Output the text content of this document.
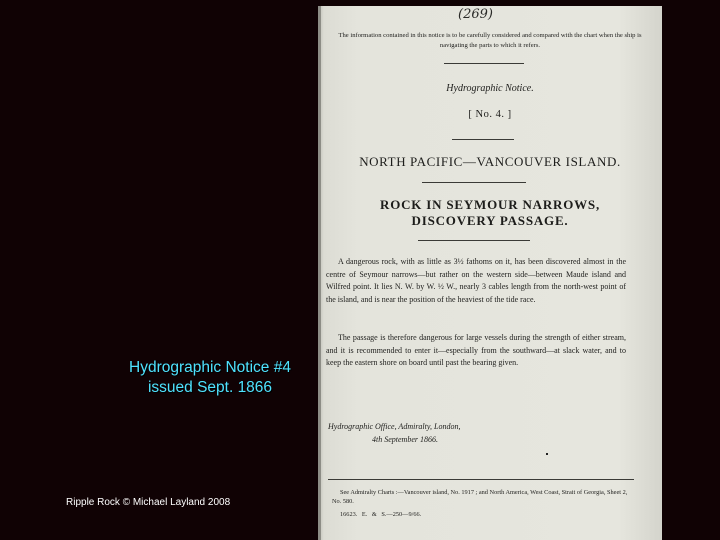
Hydrographic Notice #4
issued Sept. 1866
Ripple Rock © Michael Layland 2008
(269)
The information contained in this notice is to be carefully considered and compared with the chart when the ship is navigating the parts to which it refers.
Hydrographic Notice.
[ No. 4. ]
NORTH PACIFIC—VANCOUVER ISLAND.
ROCK IN SEYMOUR NARROWS,
DISCOVERY PASSAGE.
A dangerous rock, with as little as 3½ fathoms on it, has been discovered almost in the centre of Seymour narrows—but rather on the western side—between Maude island and Wilfred point. It lies N. W. by W. ½ W., nearly 3 cables length from the north-west point of the island, and is near the position of the heaviest of the tide race.
The passage is therefore dangerous for large vessels during the strength of either stream, and it is recommended to enter it—especially from the southward—at slack water, and to keep the eastern shore on board until past the bearing given.
Hydrographic Office, Admiralty, London,
4th September 1866.
See Admiralty Charts :—Vancouver island, No. 1917 ; and North America, West Coast, Strait of Georgia, Sheet 2, No. 580.
16623. E. & S.—250—9/66.
